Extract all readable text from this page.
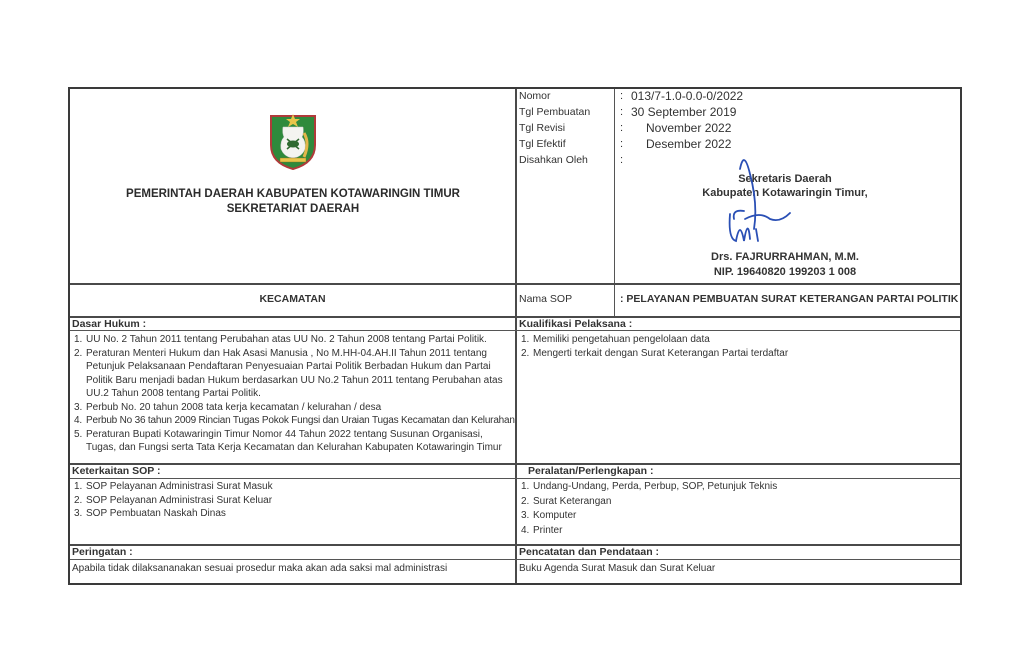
PEMERINTAH DAERAH KABUPATEN KOTAWARINGIN TIMUR
SEKRETARIAT DAERAH
Nomor	: 013/7-1.0-0.0-0/2022
Tgl Pembuatan	: 30 September 2019
Tgl Revisi	: November 2022
Tgl Efektif	: Desember 2022
Disahkan Oleh	:
Sekretaris Daerah
Kabupaten Kotawaringin Timur,
Drs. FAJRURRAHMAN, M.M.
NIP. 19640820 199203 1 008
KECAMATAN	Nama SOP	: PELAYANAN PEMBUATAN SURAT KETERANGAN PARTAI POLITIK
Dasar Hukum :
1. UU No. 2 Tahun 2011 tentang Perubahan atas UU No. 2 Tahun 2008 tentang Partai Politik.
2. Peraturan Menteri Hukum dan Hak Asasi Manusia , No M.HH-04.AH.II Tahun 2011 tentang Petunjuk Pelaksanaan Pendaftaran Penyesuaian Partai Politik Berbadan Hukum dan Partai Politik Baru menjadi badan Hukum berdasarkan UU No.2 Tahun 2011 tentang Perubahan atas UU.2 Tahun 2008 tentang Partai Politik.
3. Perbub No. 20 tahun 2008 tata kerja kecamatan / kelurahan / desa
4. Perbub No 36 tahun 2009 Rincian Tugas Pokok Fungsi dan Uraian Tugas Kecamatan dan Kelurahan
5. Peraturan Bupati Kotawaringin Timur Nomor 44 Tahun 2022 tentang Susunan Organisasi, Tugas, dan Fungsi serta Tata Kerja Kecamatan dan Kelurahan Kabupaten Kotawaringin Timur
Kualifikasi Pelaksana :
1. Memiliki pengetahuan pengelolaan data
2. Mengerti terkait dengan Surat Keterangan Partai terdaftar
Keterkaitan SOP :
1. SOP Pelayanan Administrasi Surat Masuk
2. SOP Pelayanan Administrasi Surat Keluar
3. SOP Pembuatan Naskah Dinas
Peralatan/Perlengkapan :
1. Undang-Undang, Perda, Perbup, SOP, Petunjuk Teknis
2. Surat Keterangan
3. Komputer
4. Printer
Peringatan :
Apabila tidak dilaksananakan sesuai prosedur maka akan ada saksi mal administrasi
Pencatatan dan Pendataan :
Buku Agenda Surat Masuk dan Surat Keluar
